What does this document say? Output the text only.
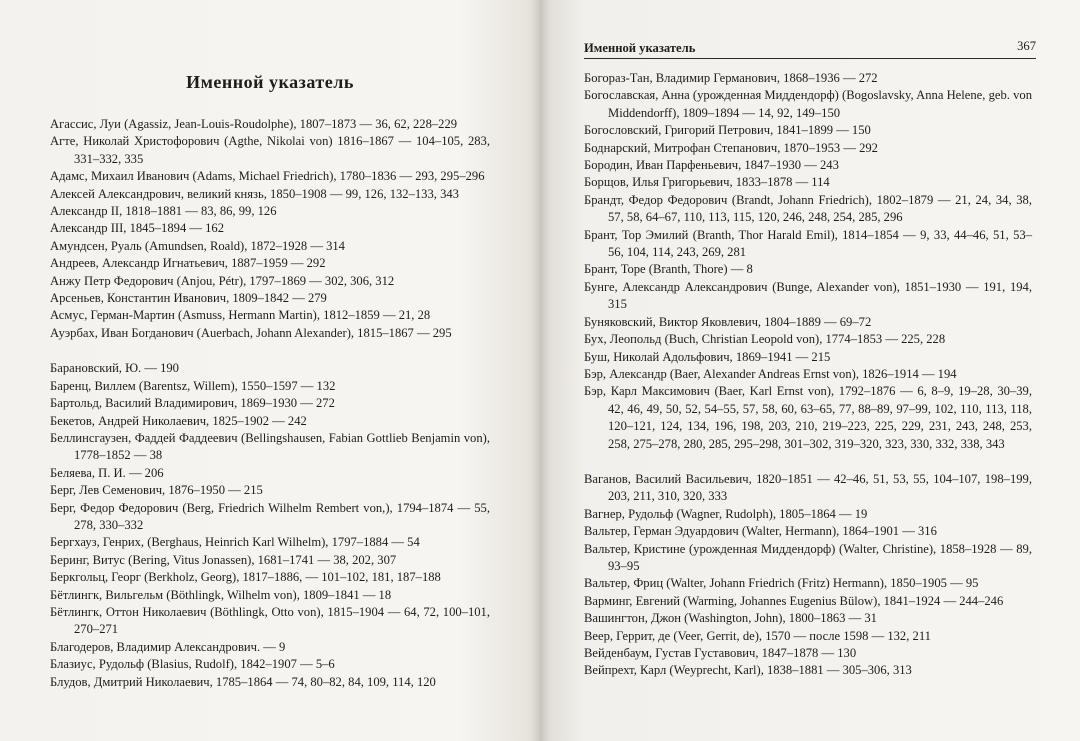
Именной указатель
Агассис, Луи (Agassiz, Jean-Louis-Roudolphe), 1807–1873 — 36, 62, 228–229
Агте, Николай Христофорович (Agthe, Nikolai von) 1816–1867 — 104–105, 283, 331–332, 335
Адамс, Михаил Иванович (Adams, Michael Friedrich), 1780–1836 — 293, 295–296
Алексей Александрович, великий князь, 1850–1908 — 99, 126, 132–133, 343
Александр II, 1818–1881 — 83, 86, 99, 126
Александр III, 1845–1894 — 162
Амундсен, Руаль (Amundsen, Roald), 1872–1928 — 314
Андреев, Александр Игнатьевич, 1887–1959 — 292
Анжу Петр Федорович (Anjou, Pétr), 1797–1869 — 302, 306, 312
Арсеньев, Константин Иванович, 1809–1842 — 279
Асмус, Герман-Мартин (Asmuss, Hermann Martin), 1812–1859 — 21, 28
Ауэрбах, Иван Богданович (Auerbach, Johann Alexander), 1815–1867 — 295
Барановский, Ю. — 190
Баренц, Виллем (Barentsz, Willem), 1550–1597 — 132
Бартольд, Василий Владимирович, 1869–1930 — 272
Бекетов, Андрей Николаевич, 1825–1902 — 242
Беллинсгаузен, Фаддей Фаддеевич (Bellingshausen, Fabian Gottlieb Benjamin von), 1778–1852 — 38
Беляева, П. И. — 206
Берг, Лев Семенович, 1876–1950 — 215
Берг, Федор Федорович (Berg, Friedrich Wilhelm Rembert von,), 1794–1874 — 55, 278, 330–332
Бергхауз, Генрих, (Berghaus, Heinrich Karl Wilhelm), 1797–1884 — 54
Беринг, Витус (Bering, Vitus Jonassen), 1681–1741 — 38, 202, 307
Беркгольц, Георг (Berkholz, Georg), 1817–1886, — 101–102, 181, 187–188
Бётлингк, Вильгельм (Böthlingk, Wilhelm von), 1809–1841 — 18
Бётлингк, Оттон Николаевич (Böthlingk, Otto von), 1815–1904 — 64, 72, 100–101, 270–271
Благодеров, Владимир Александрович. — 9
Блазиус, Рудольф (Blasius, Rudolf), 1842–1907 — 5–6
Блудов, Дмитрий Николаевич, 1785–1864 — 74, 80–82, 84, 109, 114, 120
Именной указатель	367
Богораз-Тан, Владимир Германович, 1868–1936 — 272
Богославская, Анна (урожденная Миддендорф) (Bogoslavsky, Anna Helene, geb. von Middendorff), 1809–1894 — 14, 92, 149–150
Богословский, Григорий Петрович, 1841–1899 — 150
Боднарский, Митрофан Степанович, 1870–1953 — 292
Бородин, Иван Парфеньевич, 1847–1930 — 243
Борщов, Илья Григорьевич, 1833–1878 — 114
Брандт, Федор Федорович (Brandt, Johann Friedrich), 1802–1879 — 21, 24, 34, 38, 57, 58, 64–67, 110, 113, 115, 120, 246, 248, 254, 285, 296
Брант, Тор Эмилий (Branth, Thor Harald Emil), 1814–1854 — 9, 33, 44–46, 51, 53–56, 104, 114, 243, 269, 281
Брант, Торе (Branth, Thore) — 8
Бунге, Александр Александрович (Bunge, Alexander von), 1851–1930 — 191, 194, 315
Буняковский, Виктор Яковлевич, 1804–1889 — 69–72
Бух, Леопольд (Buch, Christian Leopold von), 1774–1853 — 225, 228
Буш, Николай Адольфович, 1869–1941 — 215
Бэр, Александр (Baer, Alexander Andreas Ernst von), 1826–1914 — 194
Бэр, Карл Максимович (Baer, Karl Ernst von), 1792–1876 — 6, 8–9, 19–28, 30–39, 42, 46, 49, 50, 52, 54–55, 57, 58, 60, 63–65, 77, 88–89, 97–99, 102, 110, 113, 118, 120–121, 124, 134, 196, 198, 203, 210, 219–223, 225, 229, 231, 243, 248, 253, 258, 275–278, 280, 285, 295–298, 301–302, 319–320, 323, 330, 332, 338, 343
Ваганов, Василий Васильевич, 1820–1851 — 42–46, 51, 53, 55, 104–107, 198–199, 203, 211, 310, 320, 333
Вагнер, Рудольф (Wagner, Rudolph), 1805–1864 — 19
Вальтер, Герман Эдуардович (Walter, Hermann), 1864–1901 — 316
Вальтер, Кристине (урожденная Миддендорф) (Walter, Christine), 1858–1928 — 89, 93–95
Вальтер, Фриц (Walter, Johann Friedrich (Fritz) Hermann), 1850–1905 — 95
Варминг, Евгений (Warming, Johannes Eugenius Bülow), 1841–1924 — 244–246
Вашингтон, Джон (Washington, John), 1800–1863 — 31
Веер, Геррит, де (Veer, Gerrit, de), 1570 — после 1598 — 132, 211
Вейденбаум, Густав Густавович, 1847–1878 — 130
Вейпрехт, Карл (Weyprecht, Karl), 1838–1881 — 305–306, 313
